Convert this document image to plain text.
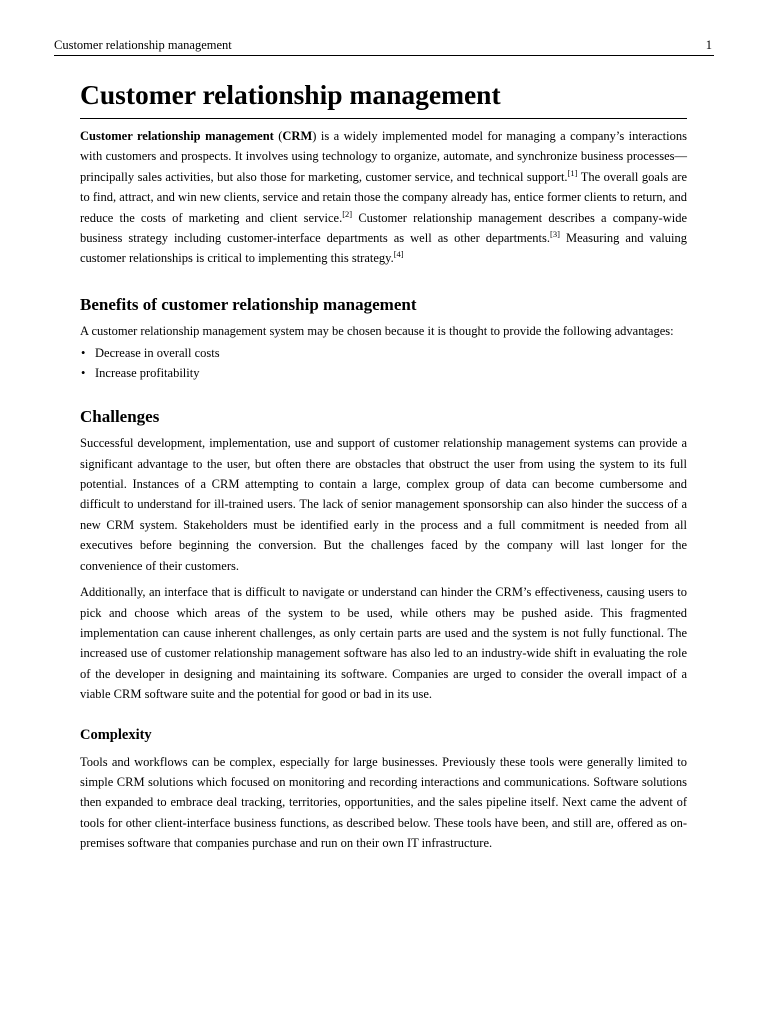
Customer relationship management	1
Customer relationship management

Customer relationship management (CRM) is a widely implemented model for managing a company’s interactions with customers and prospects. It involves using technology to organize, automate, and synchronize business processes—principally sales activities, but also those for marketing, customer service, and technical support.[1] The overall goals are to find, attract, and win new clients, service and retain those the company already has, entice former clients to return, and reduce the costs of marketing and client service.[2] Customer relationship management describes a company-wide business strategy including customer-interface departments as well as other departments.[3] Measuring and valuing customer relationships is critical to implementing this strategy.[4]

Benefits of customer relationship management

A customer relationship management system may be chosen because it is thought to provide the following advantages:

• Decrease in overall costs
• Increase profitability
Challenges

Successful development, implementation, use and support of customer relationship management systems can provide a significant advantage to the user, but often there are obstacles that obstruct the user from using the system to its full potential. Instances of a CRM attempting to contain a large, complex group of data can become cumbersome and difficult to understand for ill-trained users. The lack of senior management sponsorship can also hinder the success of a new CRM system. Stakeholders must be identified early in the process and a full commitment is needed from all executives before beginning the conversion. But the challenges faced by the company will last longer for the convenience of their customers.

Additionally, an interface that is difficult to navigate or understand can hinder the CRM’s effectiveness, causing users to pick and choose which areas of the system to be used, while others may be pushed aside. This fragmented implementation can cause inherent challenges, as only certain parts are used and the system is not fully functional. The increased use of customer relationship management software has also led to an industry-wide shift in evaluating the role of the developer in designing and maintaining its software. Companies are urged to consider the overall impact of a viable CRM software suite and the potential for good or bad in its use.

Complexity

Tools and workflows can be complex, especially for large businesses. Previously these tools were generally limited to simple CRM solutions which focused on monitoring and recording interactions and communications. Software solutions then expanded to embrace deal tracking, territories, opportunities, and the sales pipeline itself. Next came the advent of tools for other client-interface business functions, as described below. These tools have been, and still are, offered as on-premises software that companies purchase and run on their own IT infrastructure.
